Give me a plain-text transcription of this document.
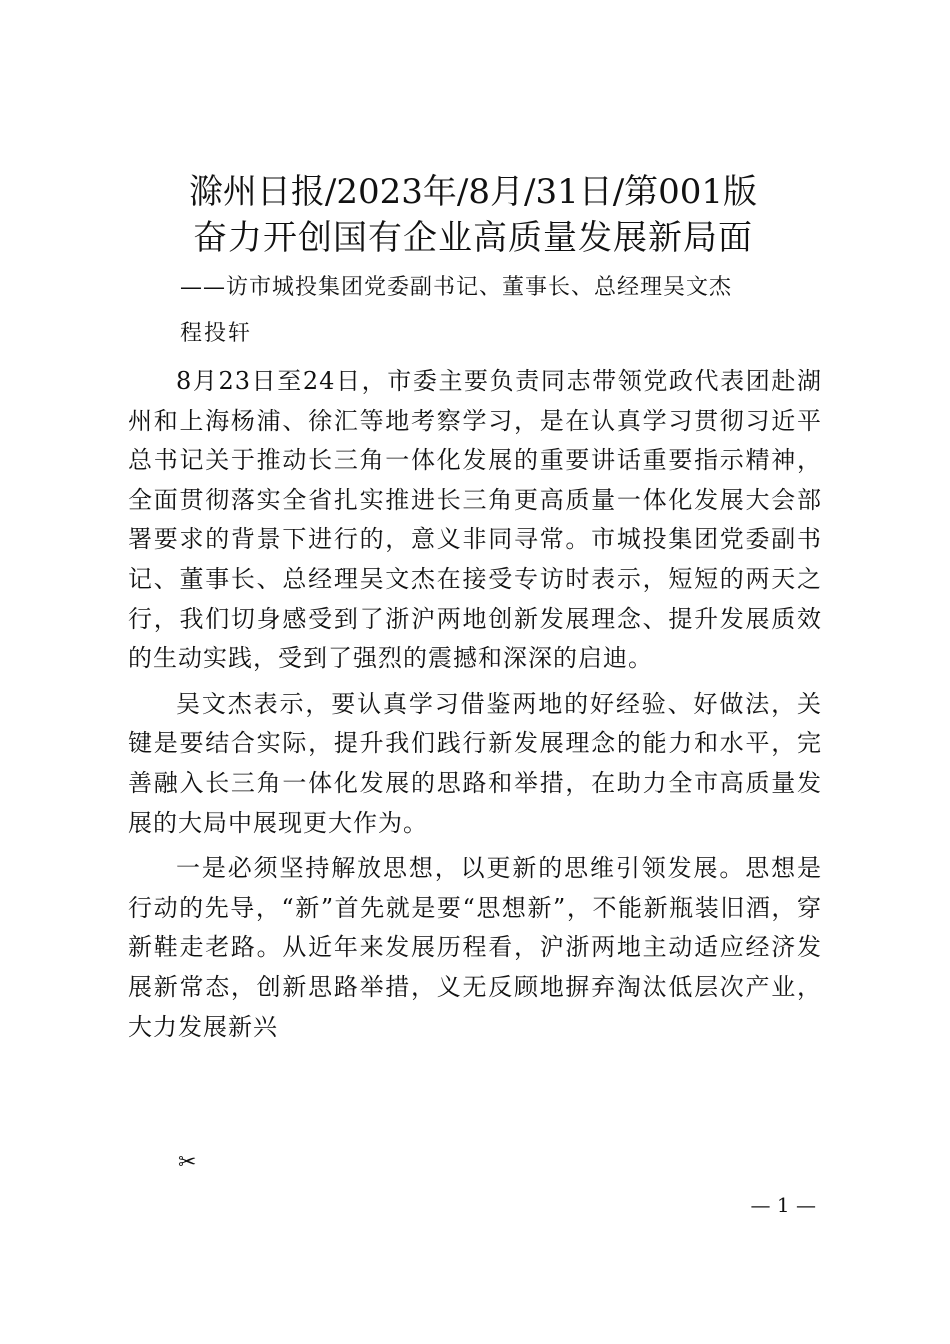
滁州日报/2023年/8月/31日/第001版
奋力开创国有企业高质量发展新局面
——访市城投集团党委副书记、董事长、总经理吴文杰
程投轩

8月23日至24日，市委主要负责同志带领党政代表团赴湖州和上海杨浦、徐汇等地考察学习，是在认真学习贯彻习近平总书记关于推动长三角一体化发展的重要讲话重要指示精神，全面贯彻落实全省扎实推进长三角更高质量一体化发展大会部署要求的背景下进行的，意义非同寻常。市城投集团党委副书记、董事长、总经理吴文杰在接受专访时表示，短短的两天之行，我们切身感受到了浙沪两地创新发展理念、提升发展质效的生动实践，受到了强烈的震撼和深深的启迪。

吴文杰表示，要认真学习借鉴两地的好经验、好做法，关键是要结合实际，提升我们践行新发展理念的能力和水平，完善融入长三角一体化发展的思路和举措，在助力全市高质量发展的大局中展现更大作为。

一是必须坚持解放思想，以更新的思维引领发展。思想是行动的先导，“新”首先就是要“思想新”，不能新瓶装旧酒，穿新鞋走老路。从近年来发展历程看，沪浙两地主动适应经济发展新常态，创新思路举措，义无反顾地摒弃淘汰低层次产业，大力发展新兴

✂
— 1 —
